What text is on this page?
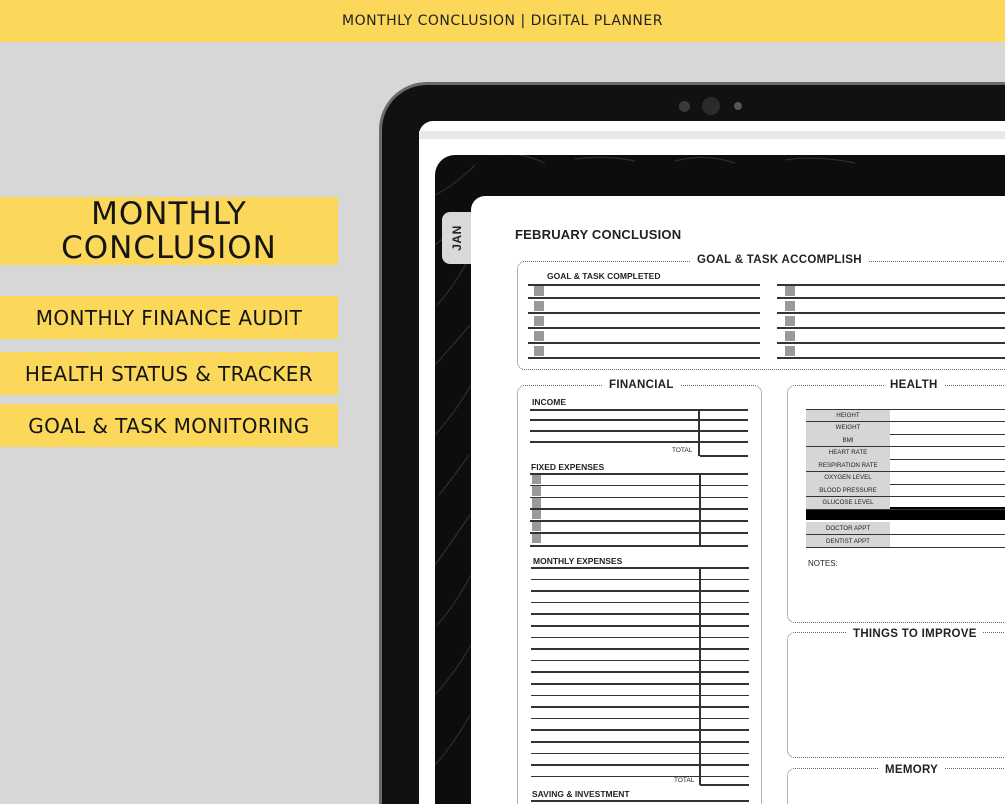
MONTHLY CONCLUSION | DIGITAL PLANNER
MONTHLY
CONCLUSION
MONTHLY FINANCE AUDIT
HEALTH STATUS & TRACKER
GOAL & TASK MONITORING
JAN	FEBRUARY CONCLUSION
GOAL & TASK ACCOMPLISH
GOAL & TASK COMPLETED
FINANCIAL
INCOME
TOTAL
FIXED EXPENSES
MONTHLY EXPENSES
TOTAL
SAVING & INVESTMENT
HEALTH
NOTES:
THINGS TO IMPROVE
MEMORY
HEIGHT
WEIGHT
BMI
HEART RATE
RESPIRATION RATE
OXYGEN LEVEL
BLOOD PRESSURE
GLUCOSE LEVEL
DOCTOR APPT
DENTIST APPT
